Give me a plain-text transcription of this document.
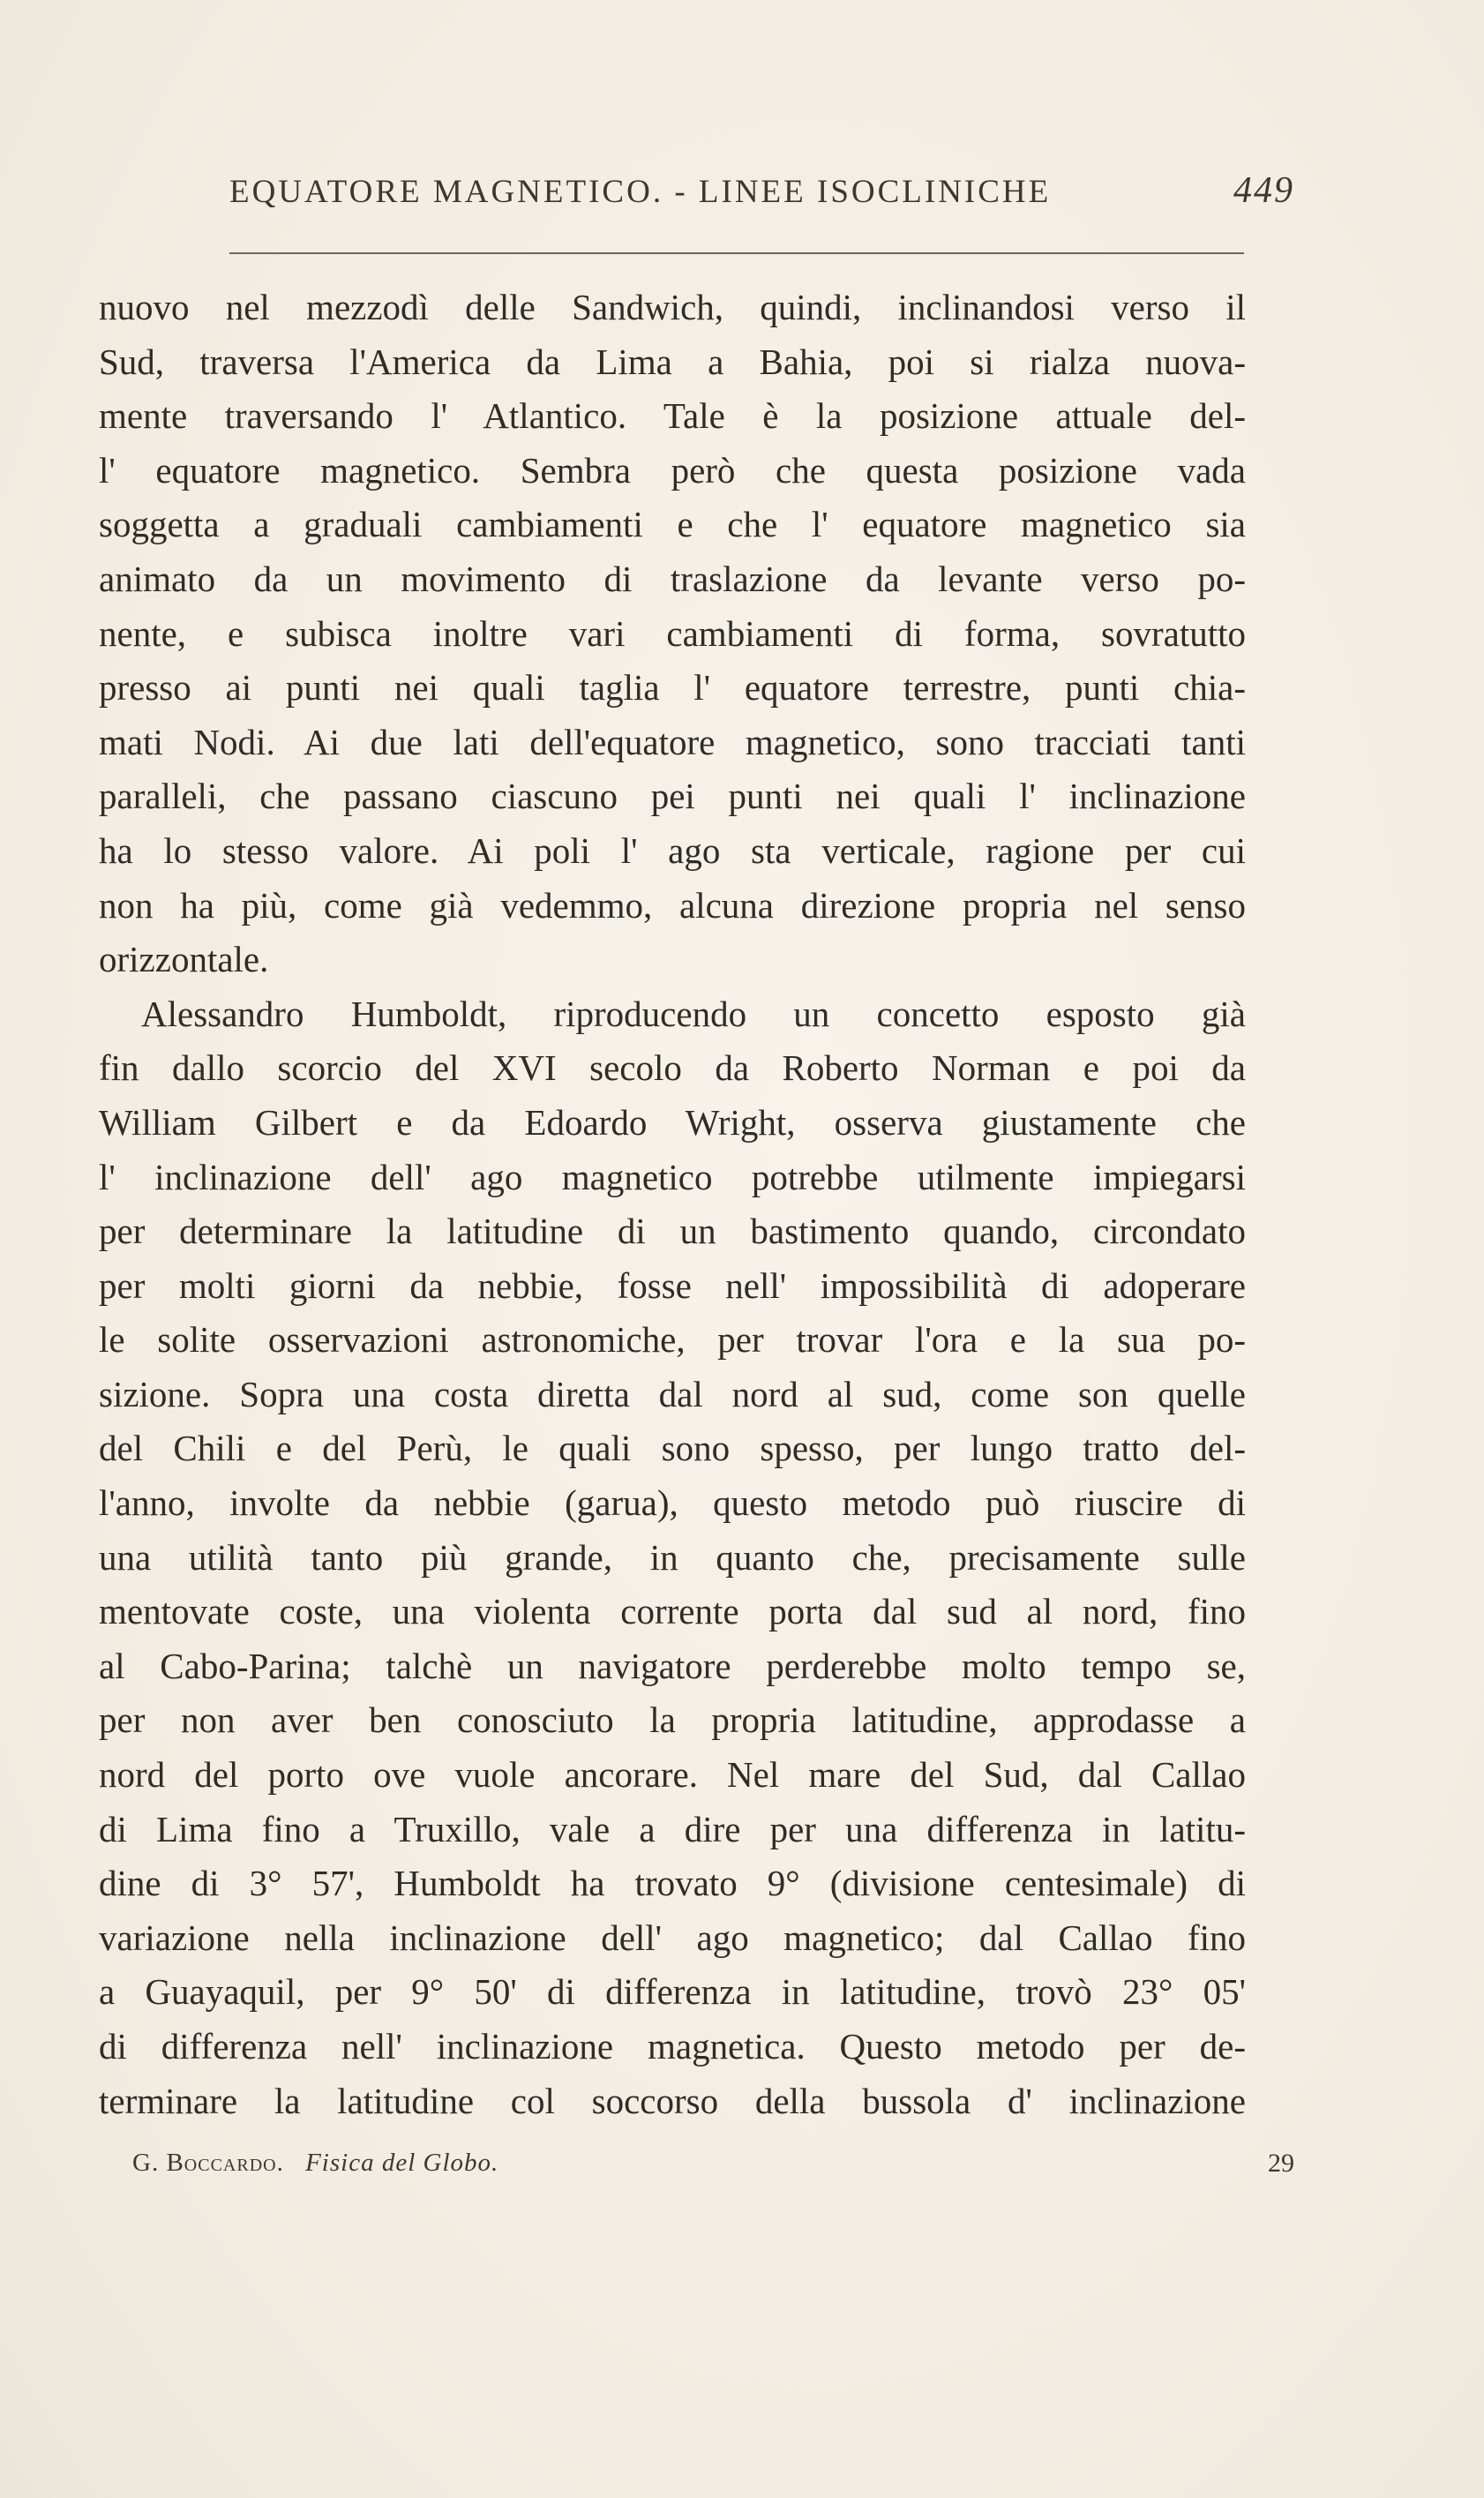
EQUATORE MAGNETICO. - LINEE ISOCLINICHE	449
nuovo nel mezzodì delle Sandwich, quindi, inclinandosi verso il
Sud, traversa l'America da Lima a Bahia, poi si rialza nuova-
mente traversando l' Atlantico. Tale è la posizione attuale del-
l' equatore magnetico. Sembra però che questa posizione vada
soggetta a graduali cambiamenti e che l' equatore magnetico sia
animato da un movimento di traslazione da levante verso po-
nente, e subisca inoltre vari cambiamenti di forma, sovratutto
presso ai punti nei quali taglia l' equatore terrestre, punti chia-
mati Nodi. Ai due lati dell'equatore magnetico, sono tracciati tanti
paralleli, che passano ciascuno pei punti nei quali l' inclinazione
ha lo stesso valore. Ai poli l' ago sta verticale, ragione per cui
non ha più, come già vedemmo, alcuna direzione propria nel senso
orizzontale.
Alessandro Humboldt, riproducendo un concetto esposto già
fin dallo scorcio del XVI secolo da Roberto Norman e poi da
William Gilbert e da Edoardo Wright, osserva giustamente che
l' inclinazione dell' ago magnetico potrebbe utilmente impiegarsi
per determinare la latitudine di un bastimento quando, circondato
per molti giorni da nebbie, fosse nell' impossibilità di adoperare
le solite osservazioni astronomiche, per trovar l'ora e la sua po-
sizione. Sopra una costa diretta dal nord al sud, come son quelle
del Chili e del Perù, le quali sono spesso, per lungo tratto del-
l'anno, involte da nebbie (garua), questo metodo può riuscire di
una utilità tanto più grande, in quanto che, precisamente sulle
mentovate coste, una violenta corrente porta dal sud al nord, fino
al Cabo-Parina; talchè un navigatore perderebbe molto tempo se,
per non aver ben conosciuto la propria latitudine, approdasse a
nord del porto ove vuole ancorare. Nel mare del Sud, dal Callao
di Lima fino a Truxillo, vale a dire per una differenza in latitu-
dine di 3° 57', Humboldt ha trovato 9° (divisione centesimale) di
variazione nella inclinazione dell' ago magnetico; dal Callao fino
a Guayaquil, per 9° 50' di differenza in latitudine, trovò 23° 05'
di differenza nell' inclinazione magnetica. Questo metodo per de-
terminare la latitudine col soccorso della bussola d' inclinazione
G. Boccardo. Fisica del Globo.	29
